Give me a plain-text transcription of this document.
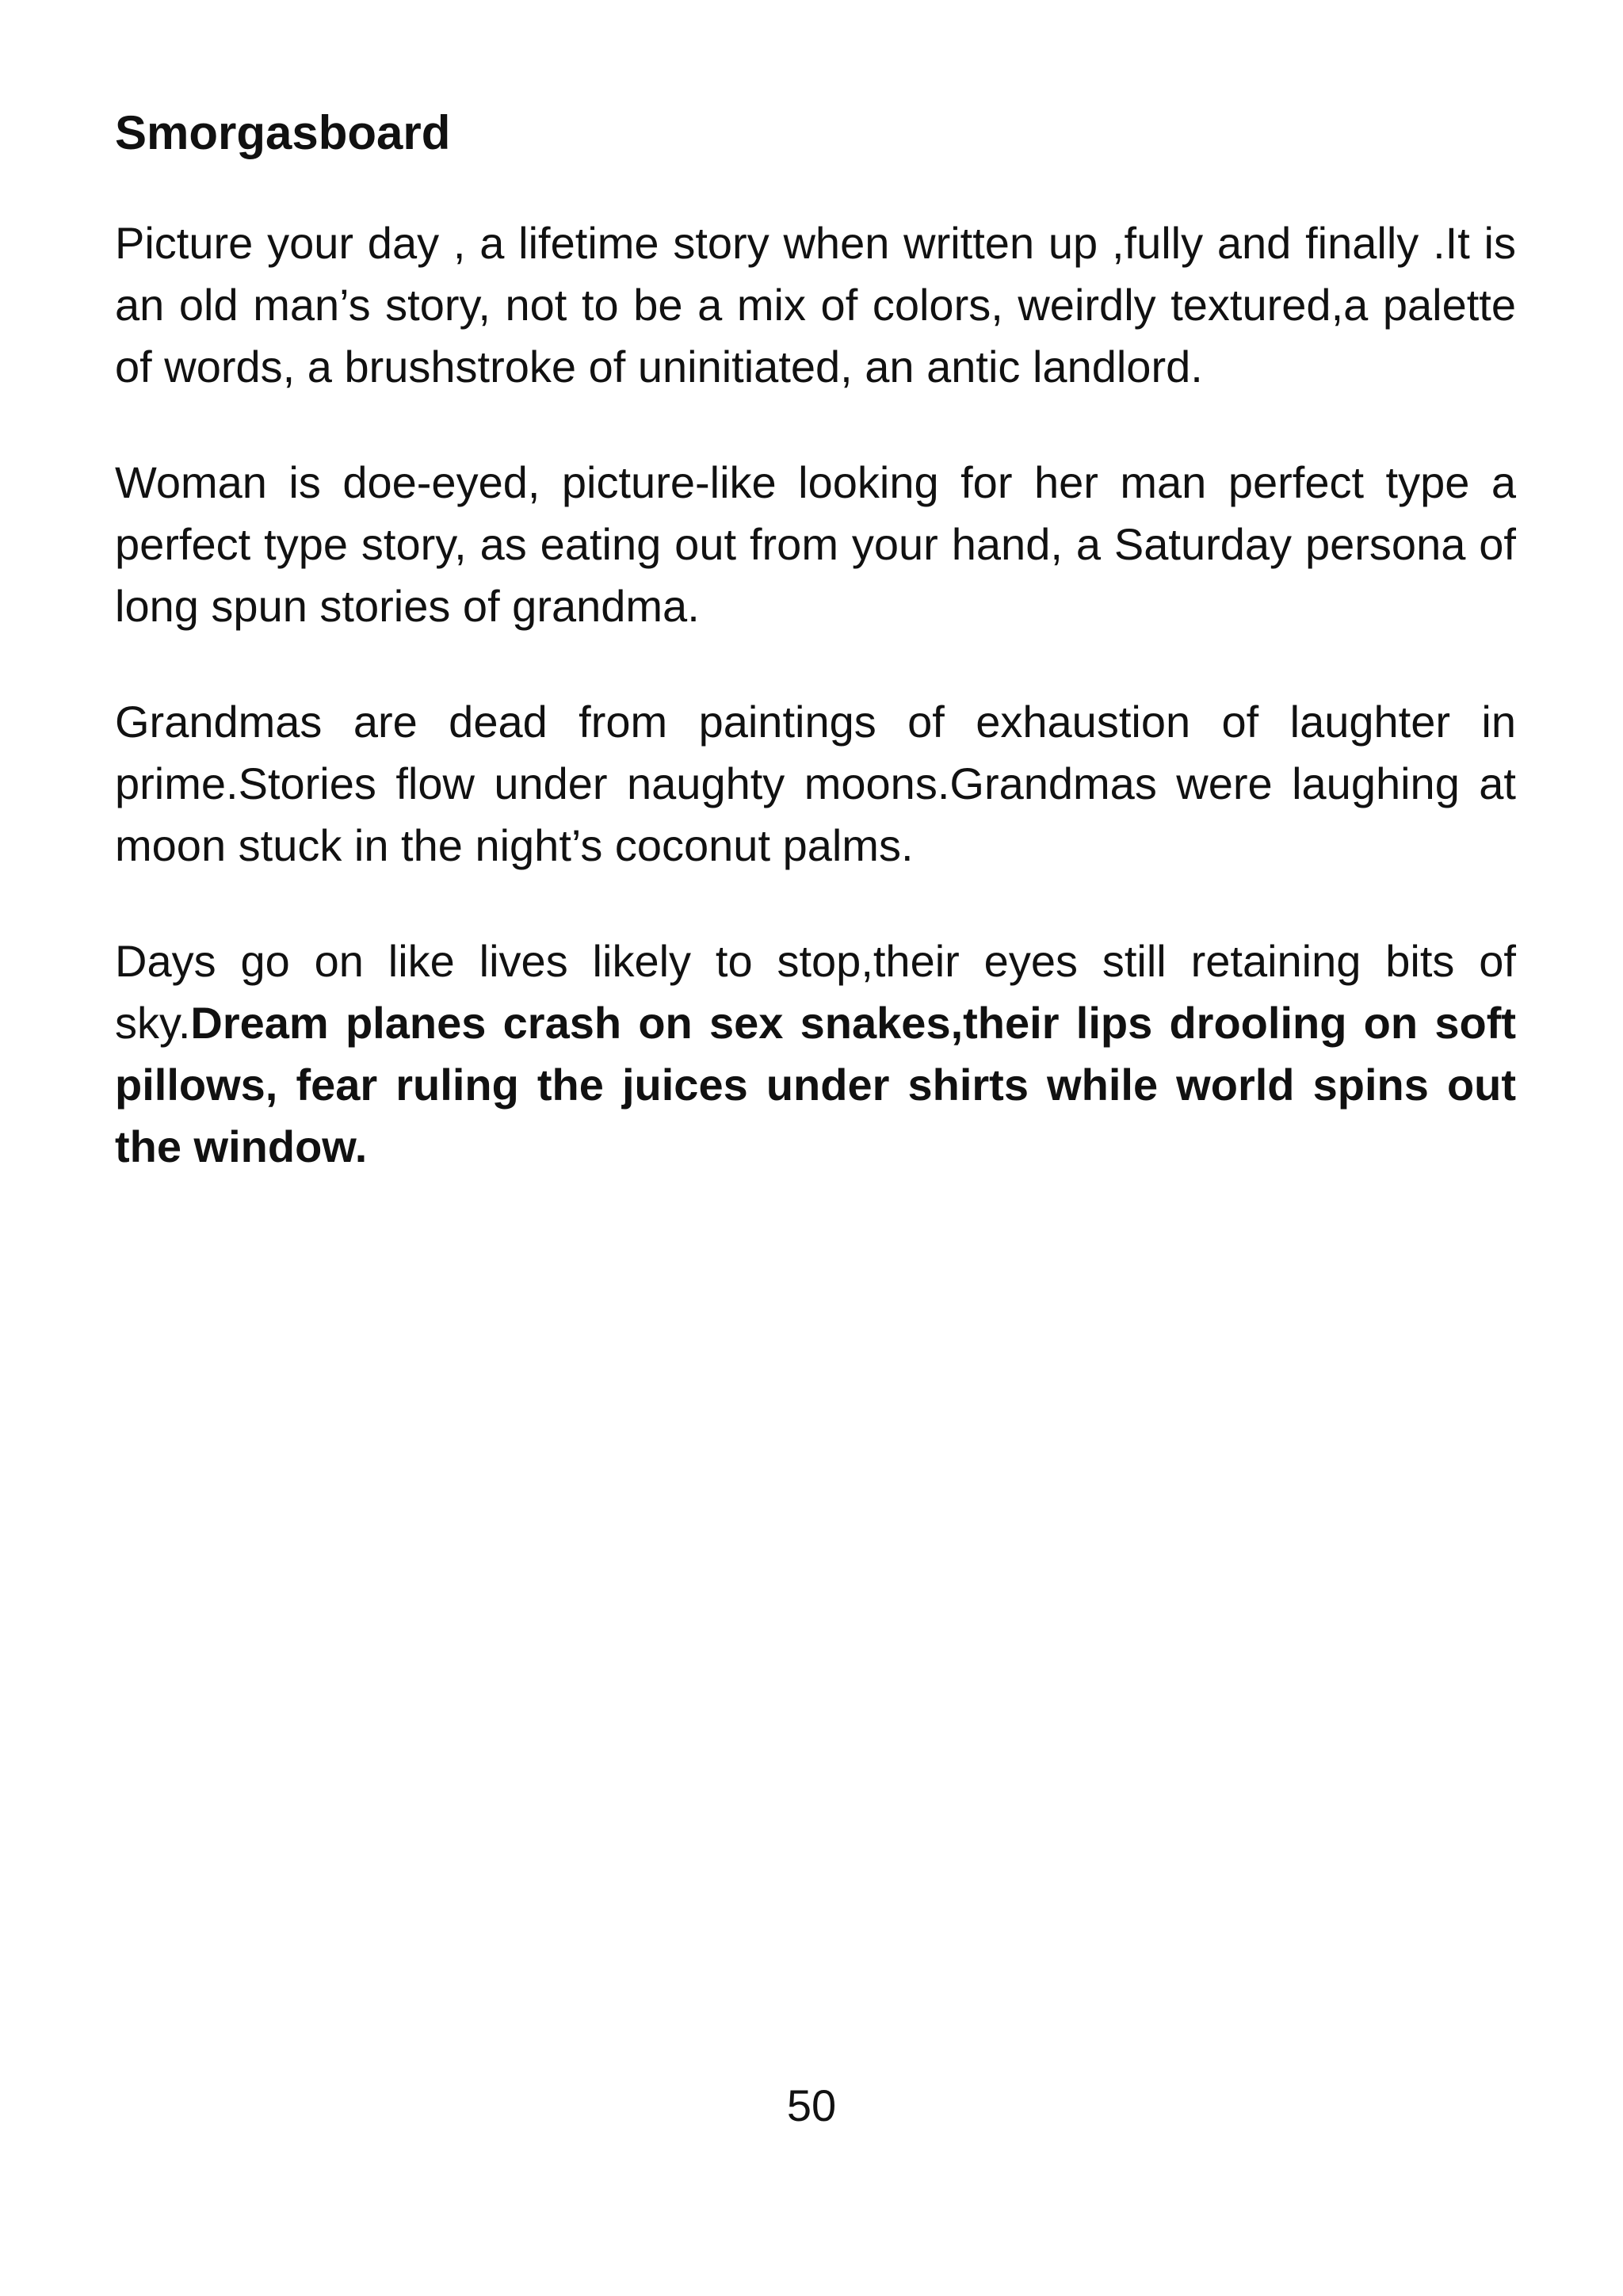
Smorgasboard

Picture your day , a lifetime story when written up ,fully and finally .It is an old man’s story, not to be a mix of colors, weirdly textured,a palette of words, a brushstroke of uninitiated, an antic landlord.

Woman is doe-eyed, picture-like looking for her man perfect type a perfect type story, as eating out from your hand, a Saturday persona of long spun stories of grandma.

Grandmas are dead from paintings of exhaustion of laughter in prime.Stories flow under naughty moons.Grandmas were laughing at moon stuck in the night’s coconut palms.

Days go on like lives likely to stop,their eyes still retaining bits of sky.Dream planes crash on sex snakes,their lips drooling on soft pillows, fear ruling the juices under shirts while world spins out the window.

50
